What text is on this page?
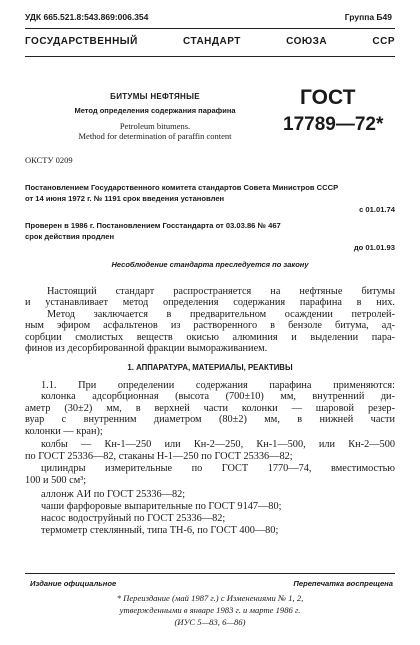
УДК 665.521.8:543.869:006.354	Группа Б49
ГОСУДАРСТВЕННЫЙ СТАНДАРТ СОЮЗА ССР
БИТУМЫ НЕФТЯНЫЕ
Метод определения содержания парафина
Petroleum bitumens.
Method for determination of paraffin content
ГОСТ
17789—72*
ОКСТУ 0209
Постановлением Государственного комитета стандартов Совета Министров СССР
от 14 июня 1972 г. № 1191 срок введения установлен
с 01.01.74
Проверен в 1986 г. Постановлением Госстандарта от 03.03.86 № 467
срок действия продлен
до 01.01.93
Несоблюдение стандарта преследуется по закону
Настоящий стандарт распространяется на нефтяные битумы
и устанавливает метод определения содержания парафина в них.
Метод заключается в предварительном осаждении петролей-
ным эфиром асфальтенов из растворенного в бензоле битума, ад-
сорбции смолистых веществ окисью алюминия и выделении пара-
финов из десорбированной фракции вымораживанием.
1. АППАРАТУРА, МАТЕРИАЛЫ, РЕАКТИВЫ
1.1. При определении содержания парафина применяются:
колонка адсорбционная (высота (700±10) мм, внутренний ди-
аметр (30±2) мм, в верхней части колонки — шаровой резер-
вуар с внутренним диаметром (80±2) мм, в нижней части
колонки — кран);
колбы — Кн-1—250 или Кн-2—250, Кн-1—500, или Кн-2—500
по ГОСТ 25336—82, стаканы Н-1—250 по ГОСТ 25336—82;
цилиндры измерительные по ГОСТ 1770—74, вместимостью
100 и 500 см³;
аллонж АИ по ГОСТ 25336—82;
чаши фарфоровые выпарительные по ГОСТ 9147—80;
насос водоструйный по ГОСТ 25336—82;
термометр стеклянный, типа ТН-6, по ГОСТ 400—80;
Издание официальное	Перепечатка воспрещена
* Переиздание (май 1987 г.) с Изменениями № 1, 2,
утвержденными в январе 1983 г. и марте 1986 г.
(ИУС 5—83, 6—86)
